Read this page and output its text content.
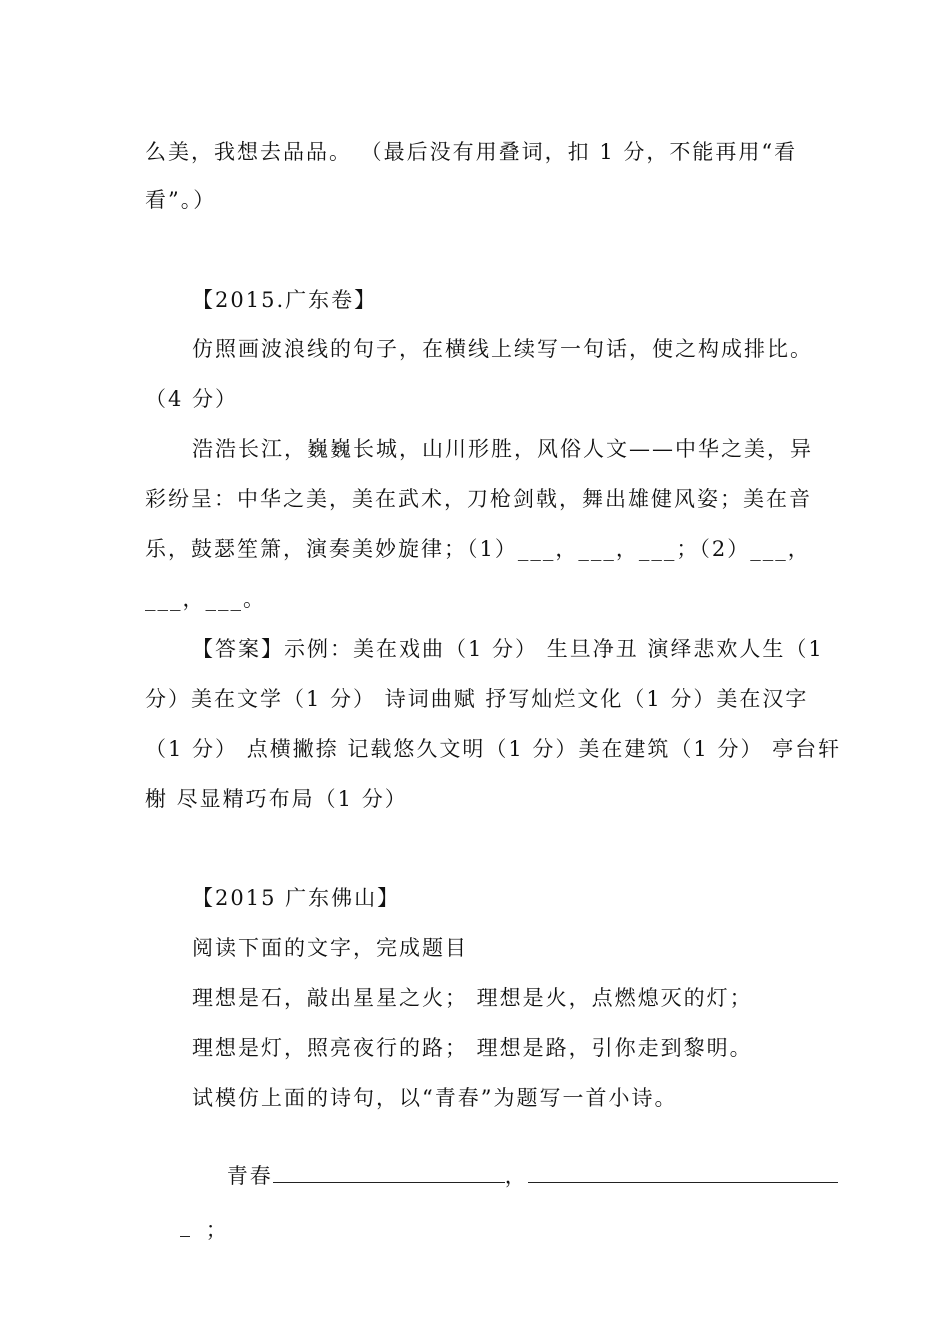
么美，我想去品品。 （最后没有用叠词，扣 1 分，不能再用“看
看”。）
【2015.广东卷】
仿照画波浪线的句子，在横线上续写一句话，使之构成排比。
（4 分）
浩浩长江，巍巍长城，山川形胜，风俗人文——中华之美，异
彩纷呈：中华之美，美在武术，刀枪剑戟，舞出雄健风姿；美在音
乐，鼓瑟笙箫，演奏美妙旋律；（1）___，___，___；（2）___，
___，___。
【答案】示例：美在戏曲（1 分） 生旦净丑 演绎悲欢人生（1
分）美在文学（1 分） 诗词曲赋 抒写灿烂文化（1 分）美在汉字
（1 分） 点横撇捺 记载悠久文明（1 分）美在建筑（1 分） 亭台轩
榭 尽显精巧布局（1 分）
【2015 广东佛山】
阅读下面的文字，完成题目
理想是石，敲出星星之火； 理想是火，点燃熄灭的灯；
理想是灯，照亮夜行的路； 理想是路，引你走到黎明。
试模仿上面的诗句，以“青春”为题写一首小诗。

青春	，

；
